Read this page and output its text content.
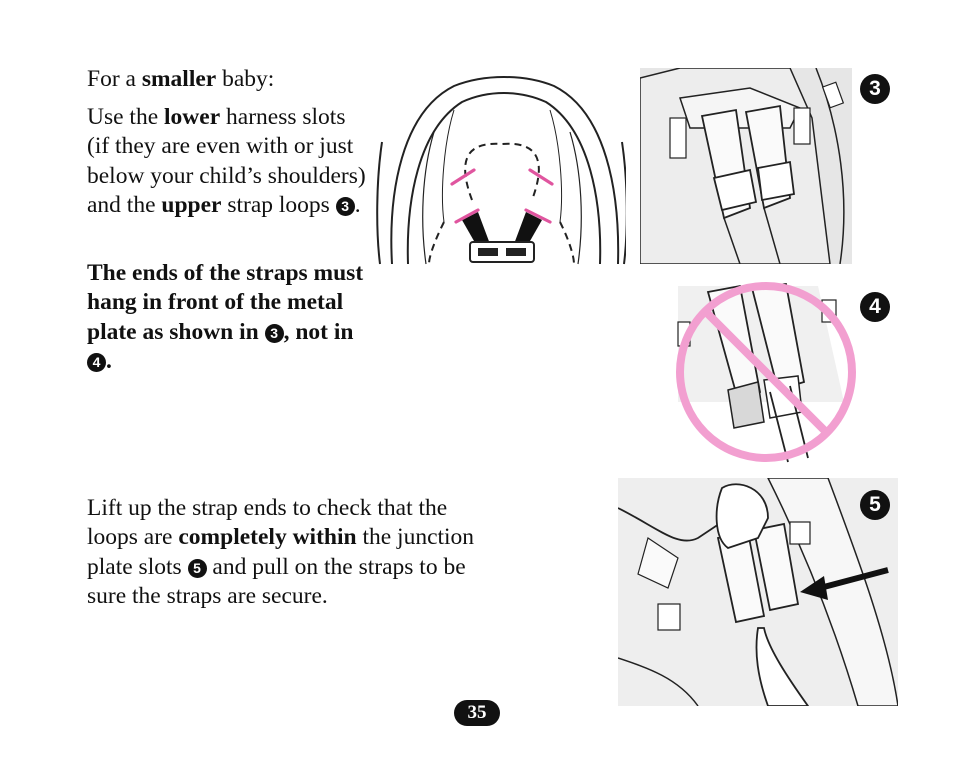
For a smaller baby:
Use the lower harness slots (if they are even with or just below your child’s shoulders) and the upper strap loops 3 .
The ends of the straps must hang in front of the metal plate as shown in 3 , not in 4 .
Lift up the strap ends to check that the loops are completely within the junction plate slots 5 and pull on the straps to be sure the straps are secure.
3
4
5
35
